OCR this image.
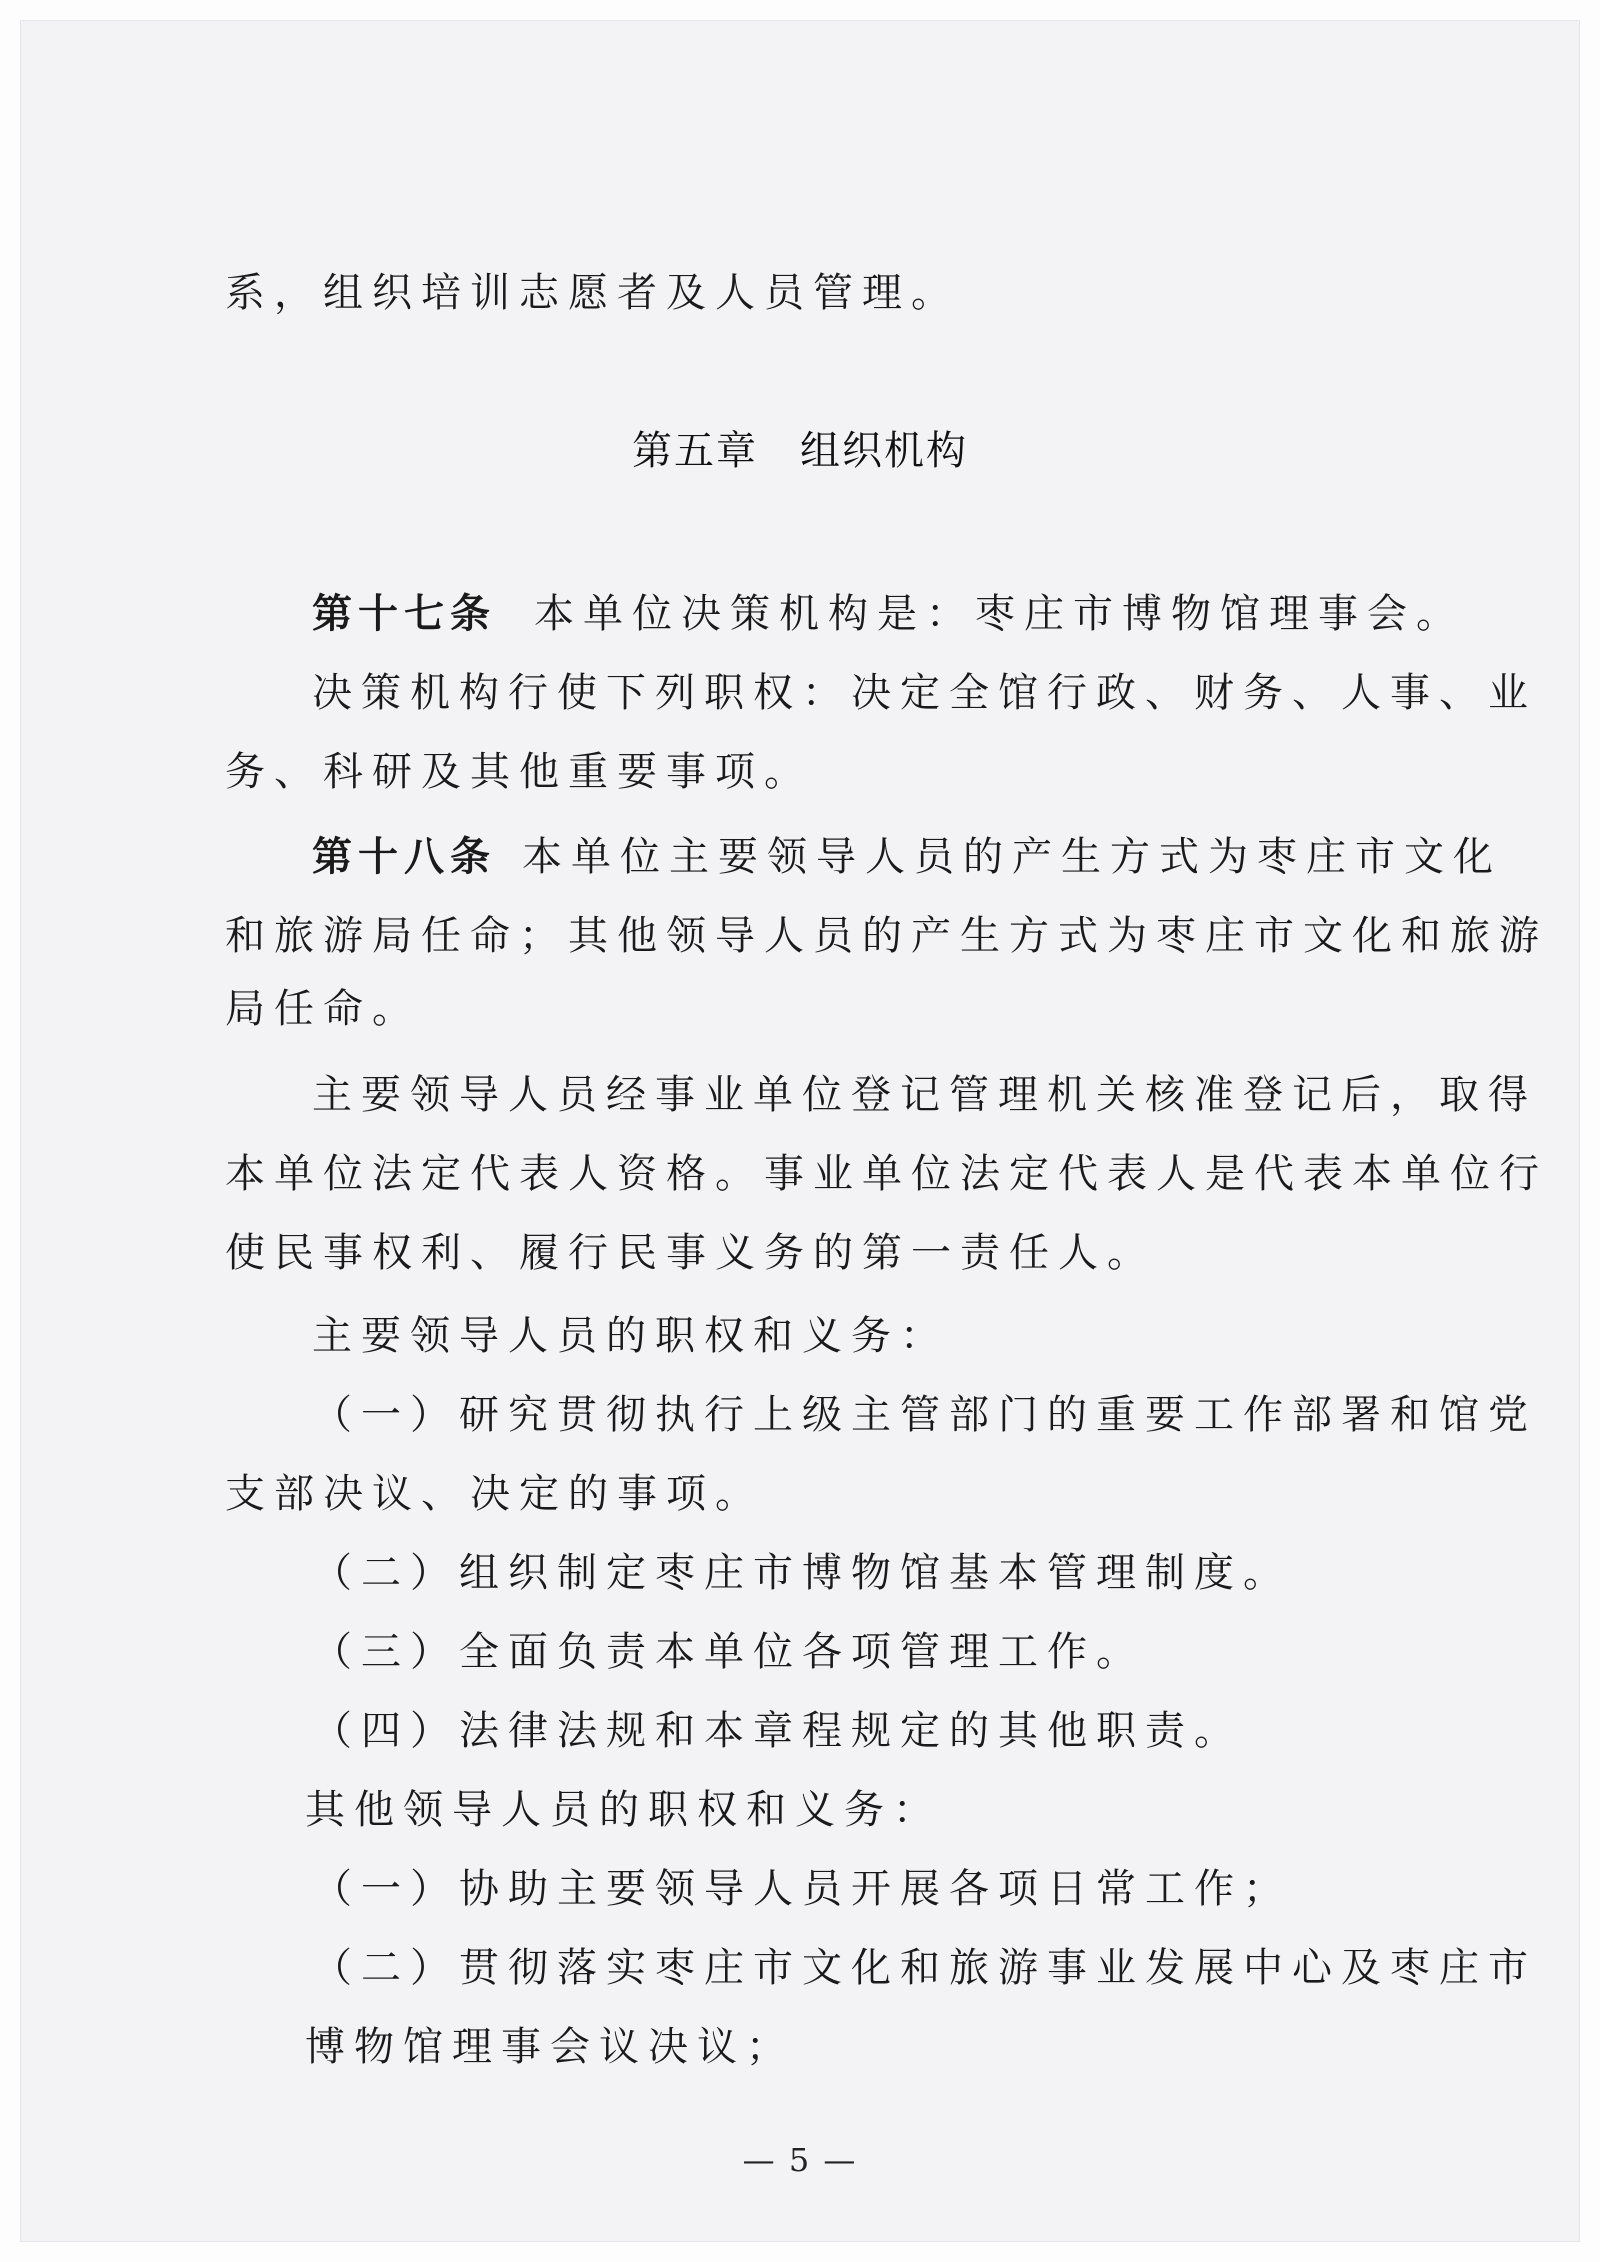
系，组织培训志愿者及人员管理。
第五章　组织机构
第十七条 本单位决策机构是：枣庄市博物馆理事会。
决策机构行使下列职权：决定全馆行政、财务、人事、业
务、科研及其他重要事项。
第十八条 本单位主要领导人员的产生方式为枣庄市文化
和旅游局任命；其他领导人员的产生方式为枣庄市文化和旅游
局任命。
主要领导人员经事业单位登记管理机关核准登记后，取得
本单位法定代表人资格。事业单位法定代表人是代表本单位行
使民事权利、履行民事义务的第一责任人。
主要领导人员的职权和义务：
（一）研究贯彻执行上级主管部门的重要工作部署和馆党
支部决议、决定的事项。
（二）组织制定枣庄市博物馆基本管理制度。
（三）全面负责本单位各项管理工作。
（四）法律法规和本章程规定的其他职责。
其他领导人员的职权和义务：
（一）协助主要领导人员开展各项日常工作；
（二）贯彻落实枣庄市文化和旅游事业发展中心及枣庄市
博物馆理事会议决议；
— 5 —
